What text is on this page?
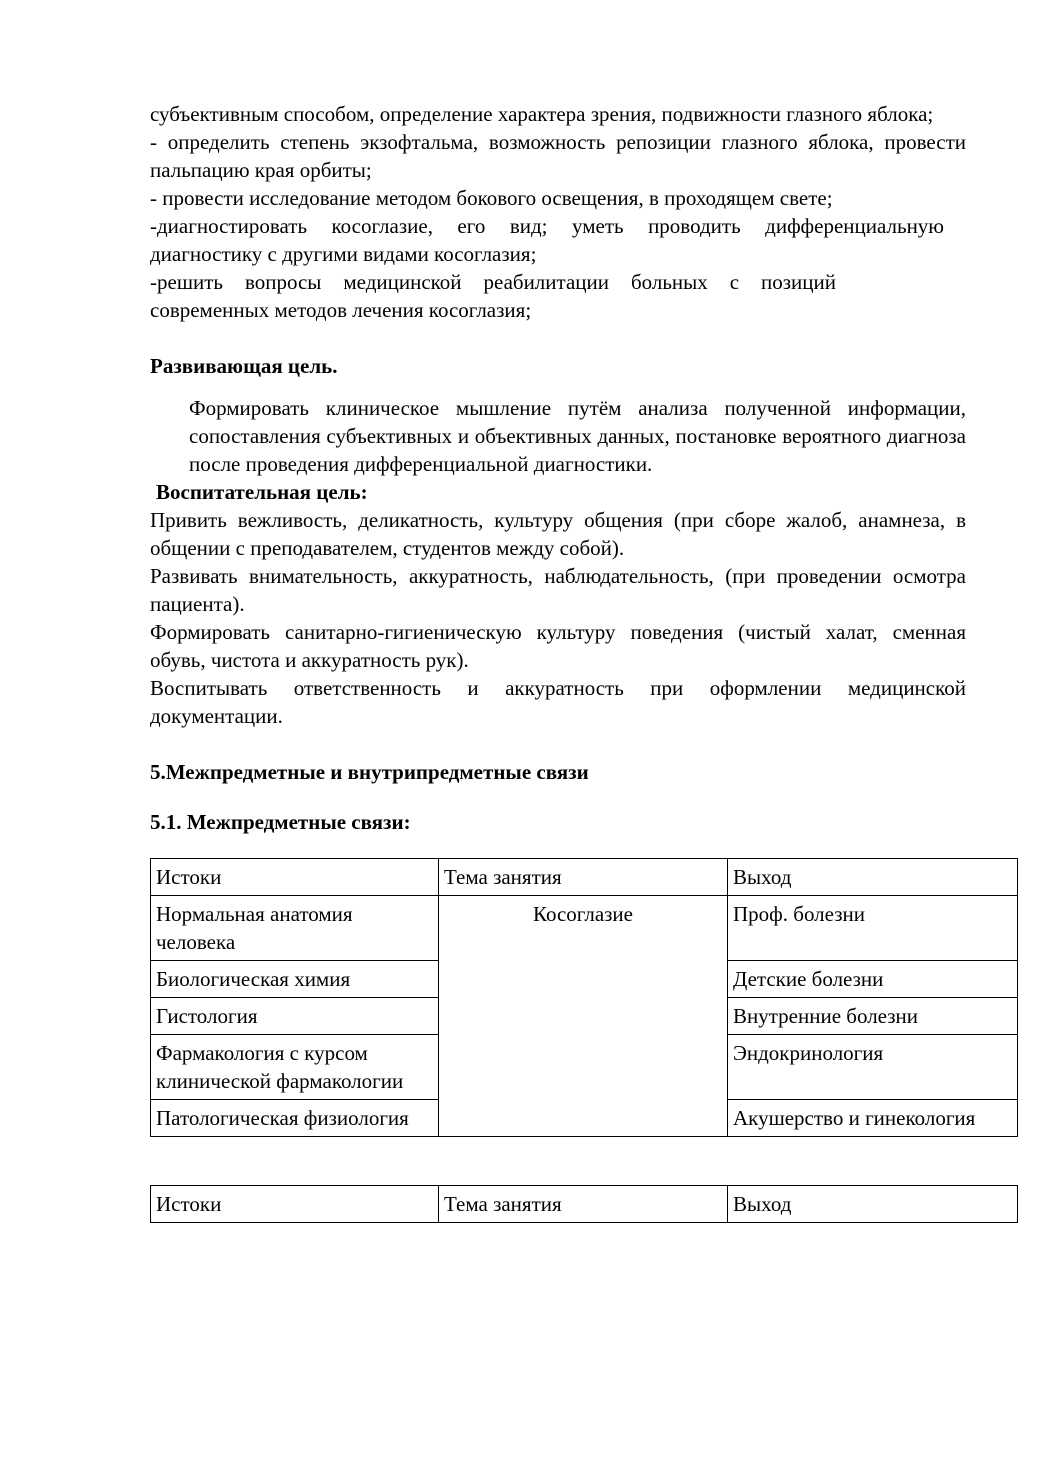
субъективным способом, определение характера зрения, подвижности глазного яблока;

- определить степень экзофтальма, возможность репозиции глазного яблока, провести пальпацию края орбиты;

- провести исследование методом бокового освещения, в проходящем свете;

-диагностировать косоглазие, его вид; уметь проводить дифференциальную диагностику с другими видами косоглазия;

-решить вопросы медицинской реабилитации больных с позиций современных методов лечения косоглазия;

Развивающая цель.

Формировать клиническое мышление путём анализа полученной информации, сопоставления субъективных и объективных данных, постановке вероятного диагноза после проведения дифференциальной диагностики.

Воспитательная цель:

Привить вежливость, деликатность, культуру общения (при сборе жалоб, анамнеза, в общении с преподавателем, студентов между собой).

Развивать внимательность, аккуратность, наблюдательность, (при проведении осмотра пациента).

Формировать санитарно-гигиеническую культуру поведения (чистый халат, сменная обувь, чистота и аккуратность рук).

Воспитывать ответственность и аккуратность при оформлении медицинской документации.

5.Межпредметные и внутрипредметные связи

5.1. Межпредметные связи:

Истоки	Тема занятия	Выход
Нормальная анатомия человека	Косоглазие	Проф. болезни
Биологическая химия		Детские болезни
Гистология		Внутренние болезни
Фармакология с курсом клинической фармакологии		Эндокринология
Патологическая физиология		Акушерство и гинекология
Истоки	Тема занятия	Выход
